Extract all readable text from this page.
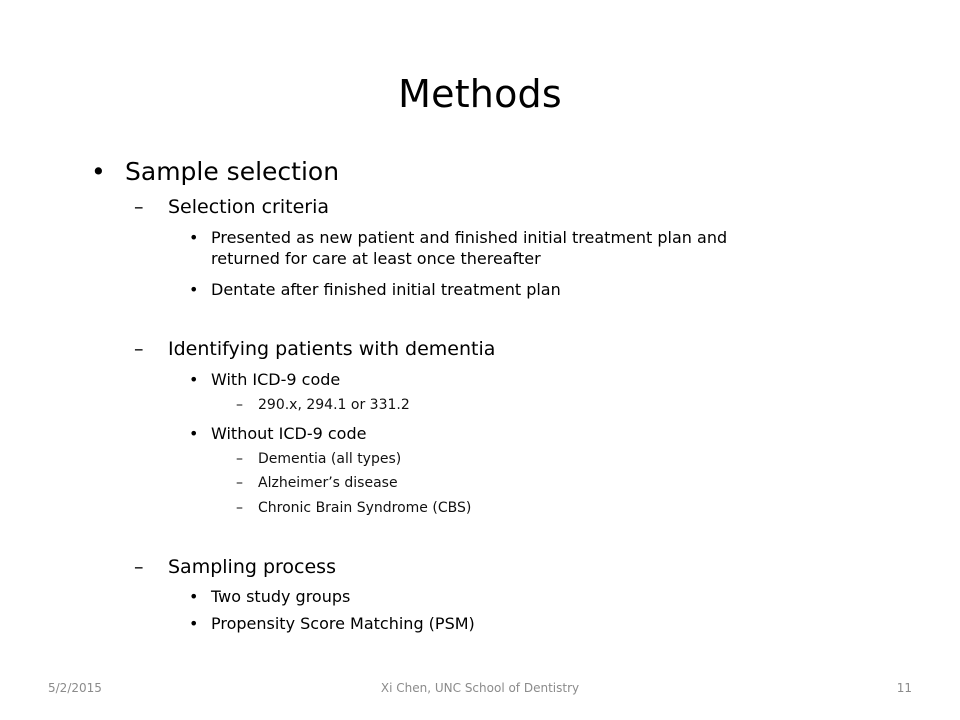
Methods
• Sample selection
– Selection criteria
• Presented as new patient and finished initial treatment plan and
returned for care at least once thereafter
• Dentate after finished initial treatment plan
– Identifying patients with dementia
• With ICD-9 code
– 290.x, 294.1 or 331.2
• Without ICD-9 code
– Dementia (all types)
– Alzheimer’s disease
– Chronic Brain Syndrome (CBS)
– Sampling process
• Two study groups
• Propensity Score Matching (PSM)
5/2/2015	Xi Chen, UNC School of Dentistry	11
